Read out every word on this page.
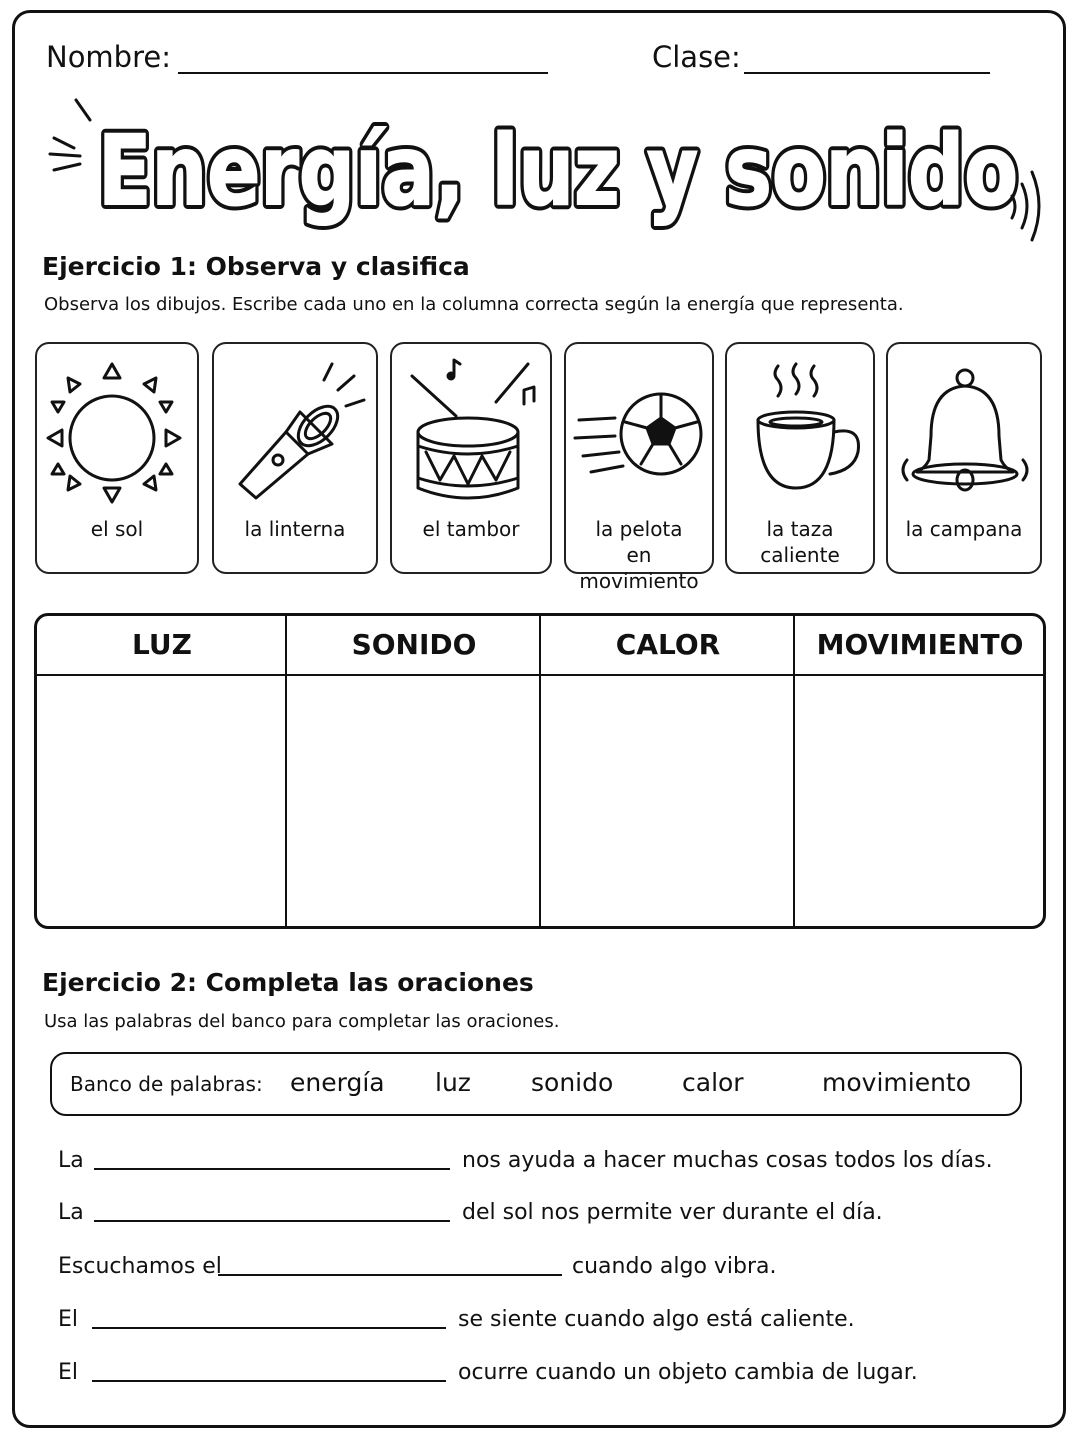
Nombre:	Clase:
Energía, luz y sonido
Energía, luz y sonido
Ejercicio 1: Observa y clasifica
Observa los dibujos. Escribe cada uno en la columna correcta según la energía que representa.
el sol	la linterna	el tambor	la pelota
en movimiento
la taza
caliente
la campana
LUZ	SONIDO	CALOR	MOVIMIENTO
Ejercicio 2: Completa las oraciones
Usa las palabras del banco para completar las oraciones.
Banco de palabras: energía luz sonido	calor	movimiento
La	nos ayuda a hacer muchas cosas todos los días.
La	del sol nos permite ver durante el día.
Escuchamos el	cuando algo vibra.
El	se siente cuando algo está caliente.
El	ocurre cuando un objeto cambia de lugar.
